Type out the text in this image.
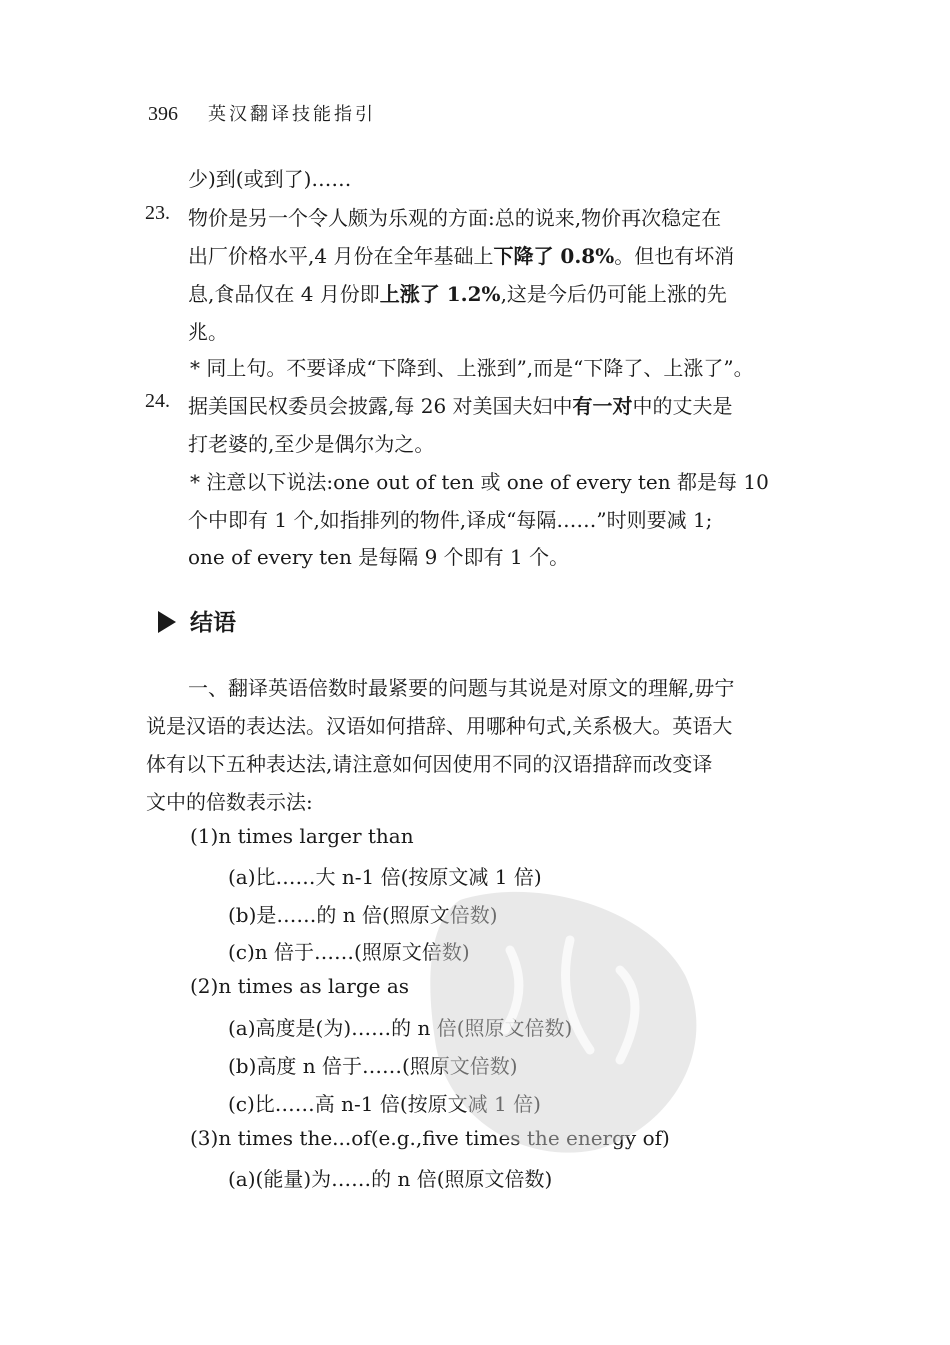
396 英汉翻译技能指引
少)到(或到了)……
23. 物价是另一个令人颇为乐观的方面:总的说来,物价再次稳定在
出厂价格水平,4 月份在全年基础上下降了 0.8%。但也有坏消
息,食品仅在 4 月份即上涨了 1.2%,这是今后仍可能上涨的先
兆。
* 同上句。不要译成“下降到、上涨到”,而是“下降了、上涨了”。
24. 据美国民权委员会披露,每 26 对美国夫妇中有一对中的丈夫是
打老婆的,至少是偶尔为之。
* 注意以下说法:one out of ten 或 one of every ten 都是每 10
个中即有 1 个,如指排列的物件,译成“每隔……”时则要减 1;
one of every ten 是每隔 9 个即有 1 个。
结语
一、翻译英语倍数时最紧要的问题与其说是对原文的理解,毋宁
说是汉语的表达法。汉语如何措辞、用哪种句式,关系极大。英语大
体有以下五种表达法,请注意如何因使用不同的汉语措辞而改变译
文中的倍数表示法:
(1)n times larger than
(a)比……大 n-1 倍(按原文减 1 倍)
(b)是……的 n 倍(照原文倍数)
(c)n 倍于……(照原文倍数)
(2)n times as large as
(a)高度是(为)……的 n 倍(照原文倍数)
(b)高度 n 倍于……(照原文倍数)
(c)比……高 n-1 倍(按原文减 1 倍)
(3)n times the...of(e.g.,five times the energy of)
(a)(能量)为……的 n 倍(照原文倍数)
